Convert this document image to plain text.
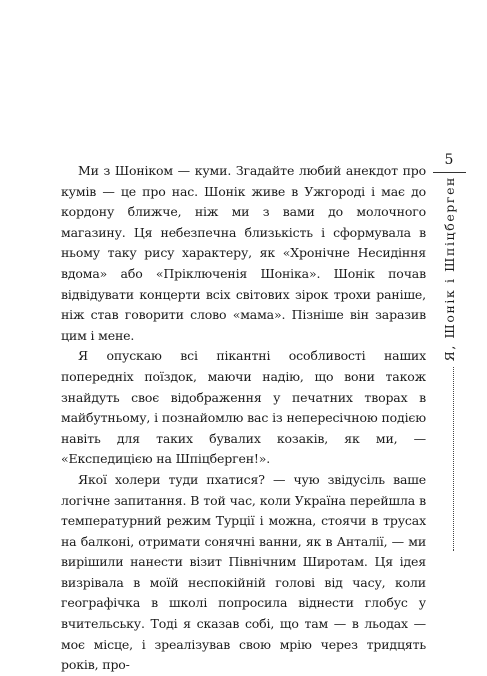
5
Я, Шонік і Шпіцберген

Ми з Шоніком — куми. Згадайте любий анекдот про кумів — це про нас. Шонік живе в Ужгороді і має до кордону ближче, ніж ми з вами до молочного магазину. Ця небезпечна близькість і сформувала в ньому таку рису характеру, як «Хронічне Несидіння вдома» або «Пріключенія Шоніка». Шонік почав відвідувати концерти всіх світових зірок трохи раніше, ніж став говорити слово «мама». Пізніше він заразив цим і мене.

Я опускаю всі пікантні особливості наших попередніх поїздок, маючи надію, що вони також знайдуть своє відображення у печатних творах в майбутньому, і познайомлю вас із непересічною подією навіть для таких бувалих козаків, як ми, — «Експедицією на Шпіцберген!».

Якої холери туди пхатися? — чую звідусіль ваше логічне запитання. В той час, коли Україна перейшла в температурний режим Турції і можна, стоячи в трусах на балконі, отримати сонячні ванни, як в Анталії, — ми вирішили нанести візит Північним Широтам. Ця ідея визрівала в моїй неспокійній голові від часу, коли географічка в школі попросила віднести глобус у вчительську. Тоді я сказав собі, що там — в льодах — моє місце, і зреалізував свою мрію через тридцять років, про-
